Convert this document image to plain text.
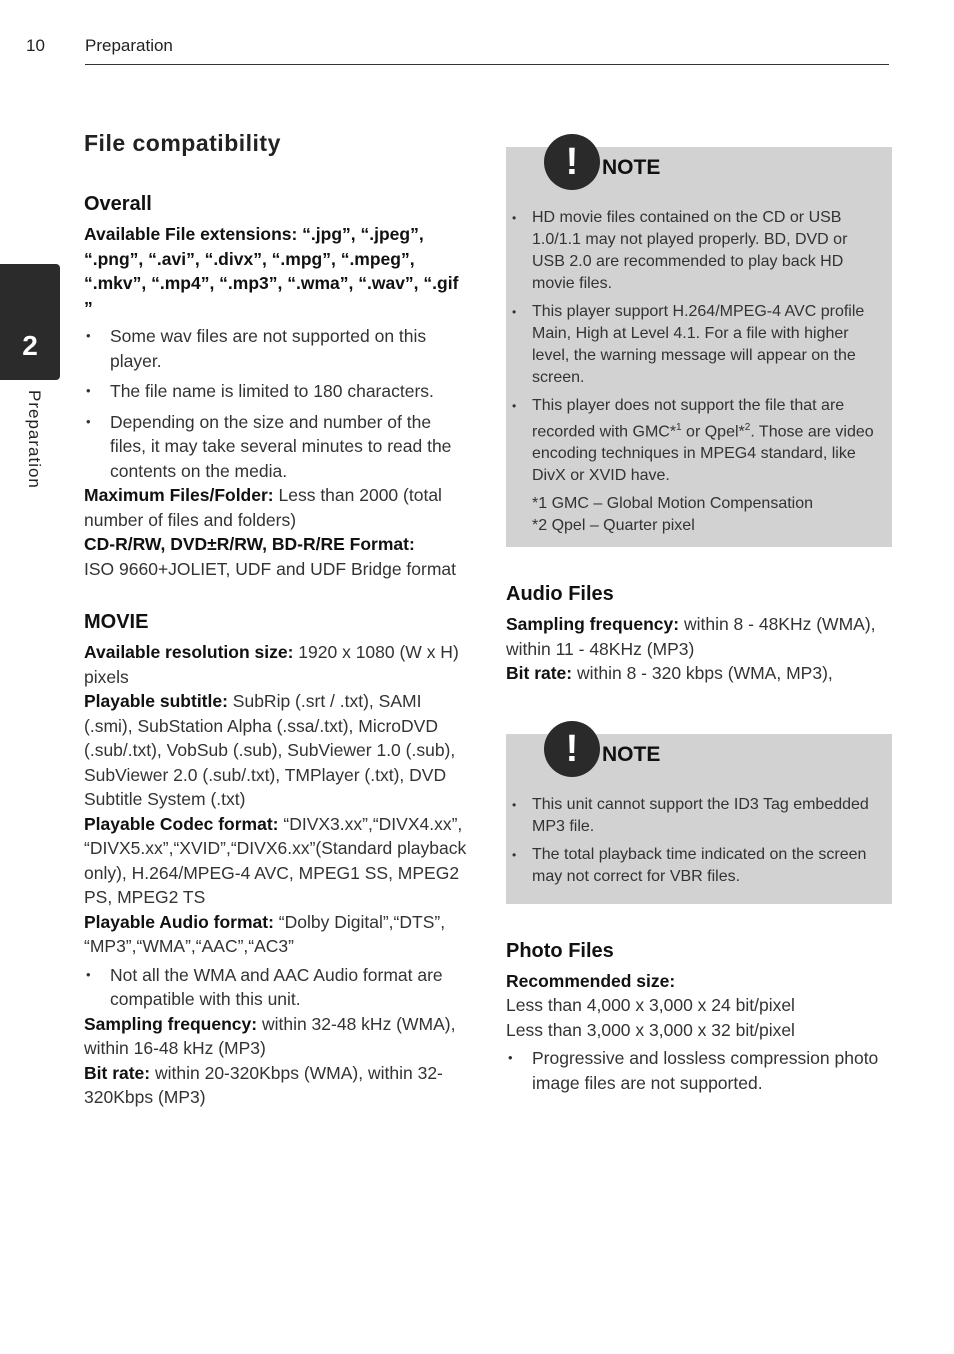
10 Preparation
2
Preparation
File compatibility
Overall

Available File extensions: “.jpg”, “.jpeg”, “.png”, “.avi”, “.divx”, “.mpg”, “.mpeg”, “.mkv”, “.mp4”, “.mp3”, “.wma”, “.wav”, “.gif ”

• Some wav files are not supported on this player.
• The file name is limited to 180 characters.
• Depending on the size and number of the files, it may take several minutes to read the contents on the media.

Maximum Files/Folder: Less than 2000 (total number of files and folders)

CD-R/RW, DVD±R/RW, BD-R/RE Format:

ISO 9660+JOLIET, UDF and UDF Bridge format

MOVIE

Available resolution size: 1920 x 1080 (W x H) pixels

Playable subtitle: SubRip (.srt / .txt), SAMI (.smi), SubStation Alpha (.ssa/.txt), MicroDVD (.sub/.txt), VobSub (.sub), SubViewer 1.0 (.sub), SubViewer 2.0 (.sub/.txt), TMPlayer (.txt), DVD Subtitle System (.txt)

Playable Codec format: “DIVX3.xx”,“DIVX4.xx”, “DIVX5.xx”,“XVID”,“DIVX6.xx”(Standard playback only), H.264/MPEG-4 AVC, MPEG1 SS, MPEG2 PS, MPEG2 TS

Playable Audio format: “Dolby Digital”,“DTS”, “MP3”,“WMA”,“AAC”,“AC3”

• Not all the WMA and AAC Audio format are compatible with this unit.

Sampling frequency: within 32-48 kHz (WMA), within 16-48 kHz (MP3)

Bit rate: within 20-320Kbps (WMA), within 32-320Kbps (MP3)

!	NOTE
• HD movie files contained on the CD or USB 1.0/1.1 may not played properly. BD, DVD or USB 2.0 are recommended to play back HD movie files.
• This player support H.264/MPEG-4 AVC profile Main, High at Level 4.1. For a file with higher level, the warning message will appear on the screen.
• This player does not support the file that are recorded with GMC*$^1$ or Qpel*$^2$. Those are video encoding techniques in MPEG4 standard, like DivX or XVID have.
*1 GMC – Global Motion Compensation
*2 Qpel – Quarter pixel
Audio Files

Sampling frequency: within 8 - 48KHz (WMA), within 11 - 48KHz (MP3)

Bit rate: within 8 - 320 kbps (WMA, MP3),

!	NOTE
• This unit cannot support the ID3 Tag embedded MP3 file.
• The total playback time indicated on the screen may not correct for VBR files.
Photo Files

Recommended size:

Less than 4,000 x 3,000 x 24 bit/pixel

Less than 3,000 x 3,000 x 32 bit/pixel

• Progressive and lossless compression photo image files are not supported.
